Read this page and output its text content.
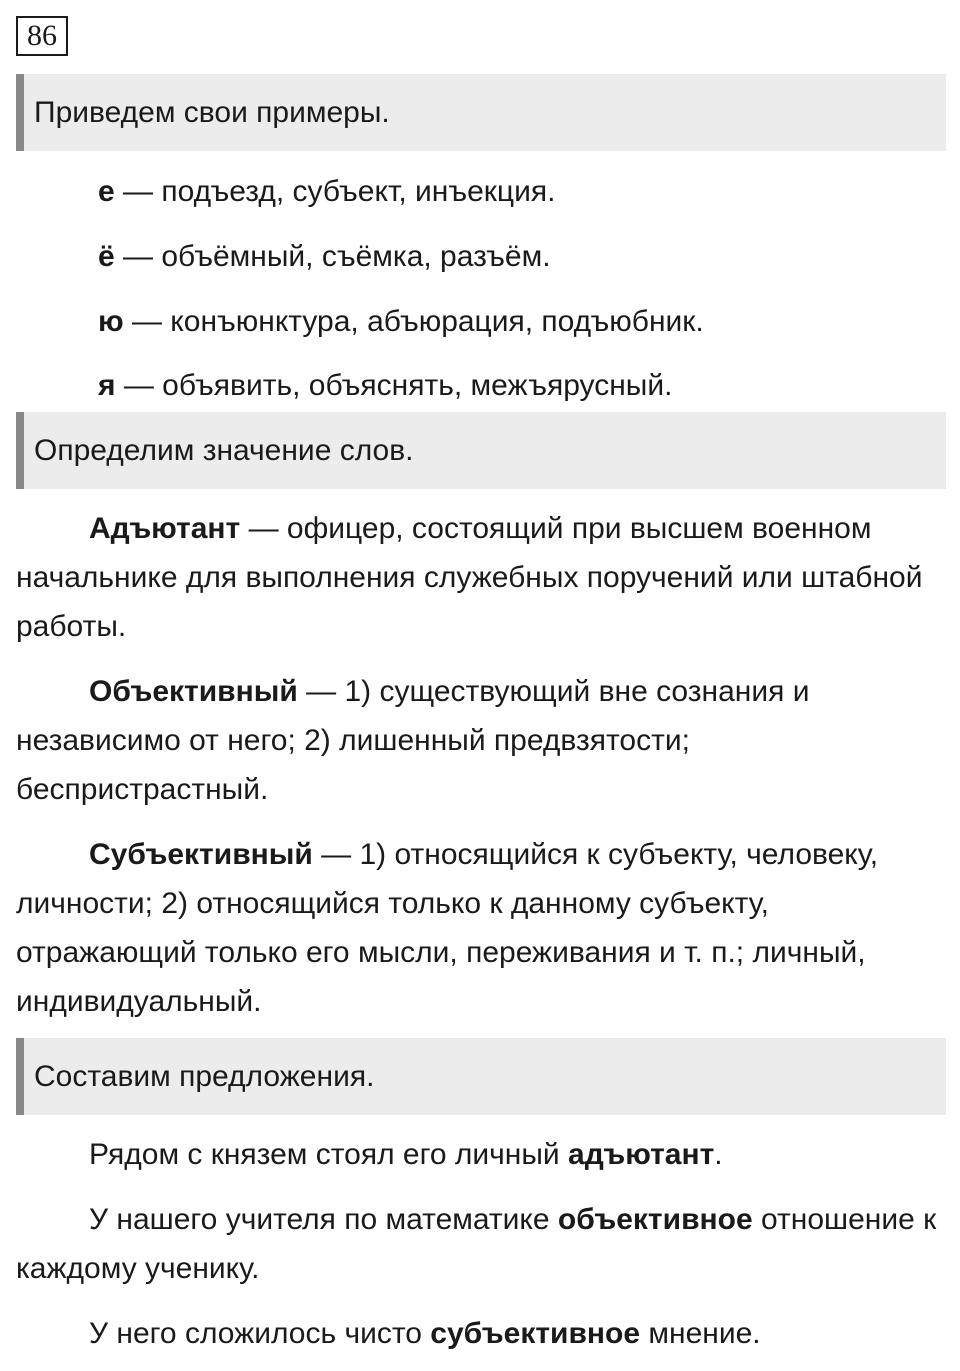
86
Приведем свои примеры.
е — подъезд, субъект, инъекция.
ё — объёмный, съёмка, разъём.
ю — конъюнктура, абъюрация, подъюбник.
я — объявить, объяснять, межъярусный.
Определим значение слов.

Адъютант — офицер, состоящий при высшем военном начальнике для выполнения служебных поручений или штабной работы.

Объективный — 1) существующий вне сознания и независимо от него; 2) лишенный предвзятости; беспристрастный.

Субъективный — 1) относящийся к субъекту, человеку, личности; 2) относящийся только к данному субъекту, отражающий только его мысли, переживания и т. п.; личный, индивидуальный.

Составим предложения.

Рядом с князем стоял его личный адъютант.

У нашего учителя по математике объективное отношение к каждому ученику.

У него сложилось чисто субъективное мнение.
